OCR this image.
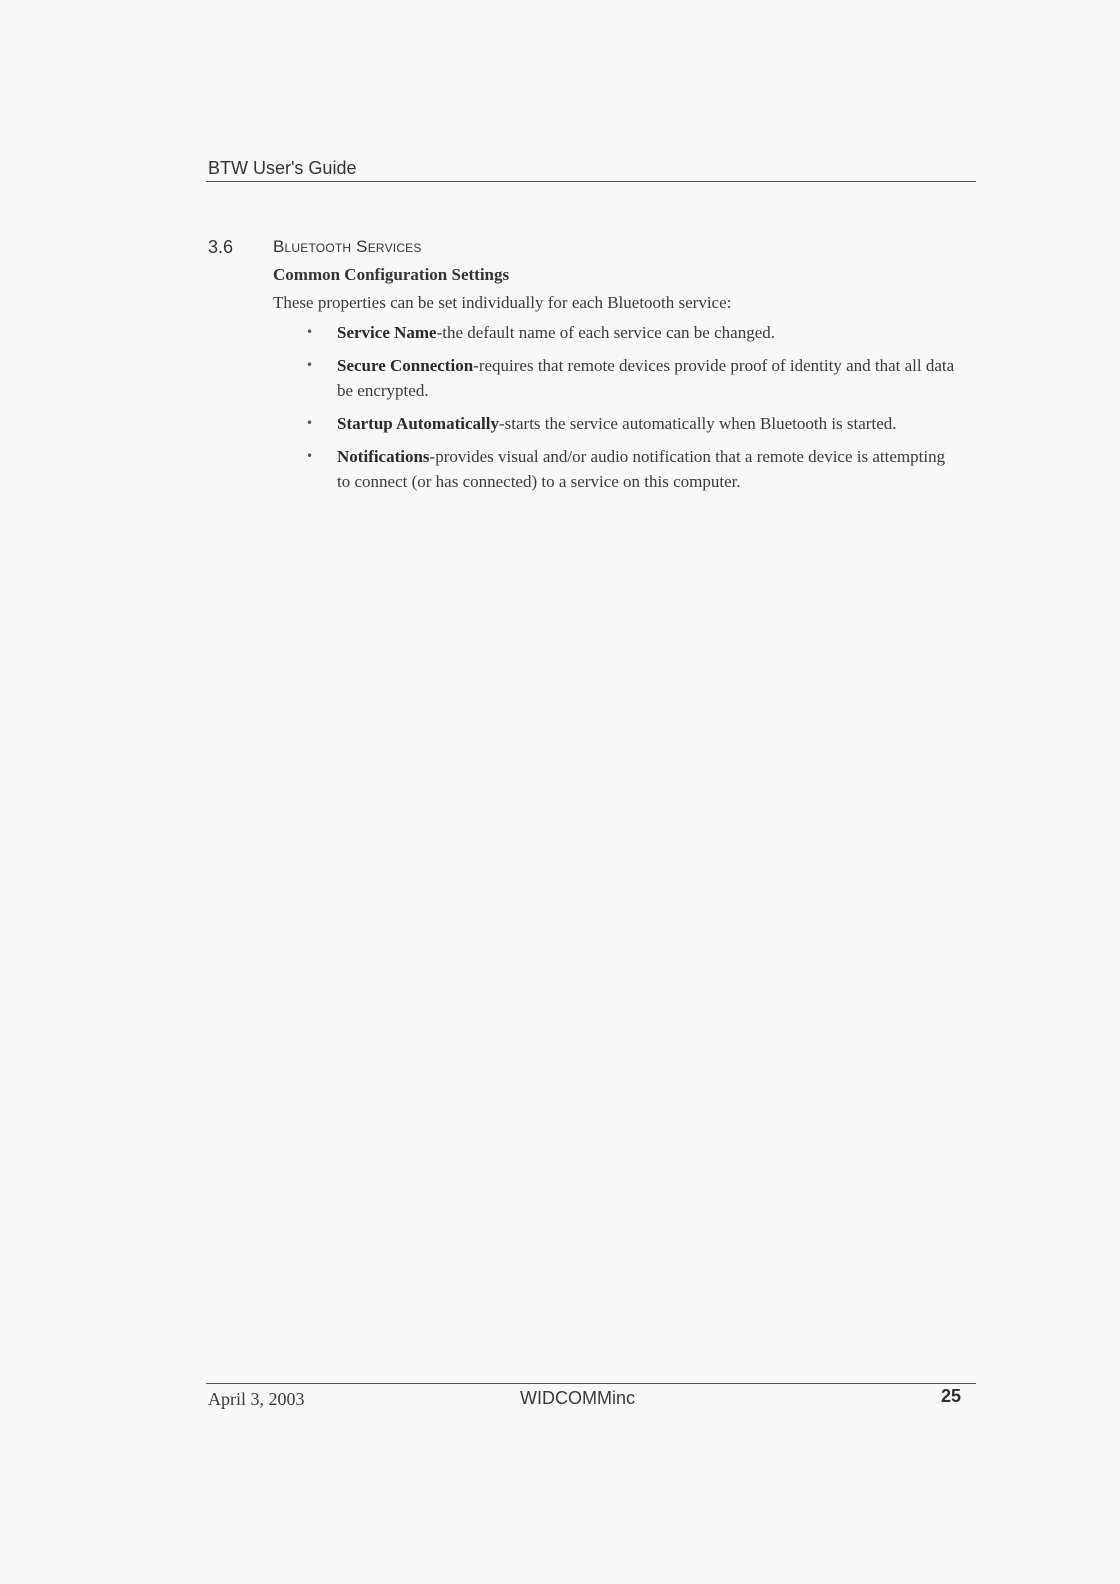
BTW User's Guide
3.6 Bluetooth Services
Common Configuration Settings
These properties can be set individually for each Bluetooth service:
• Service Name-the default name of each service can be changed.
• Secure Connection-requires that remote devices provide proof of identity and that all data be encrypted.
• Startup Automatically-starts the service automatically when Bluetooth is started.
• Notifications-provides visual and/or audio notification that a remote device is attempting to connect (or has connected) to a service on this computer.
April 3, 2003	WIDCOMMinc	25
